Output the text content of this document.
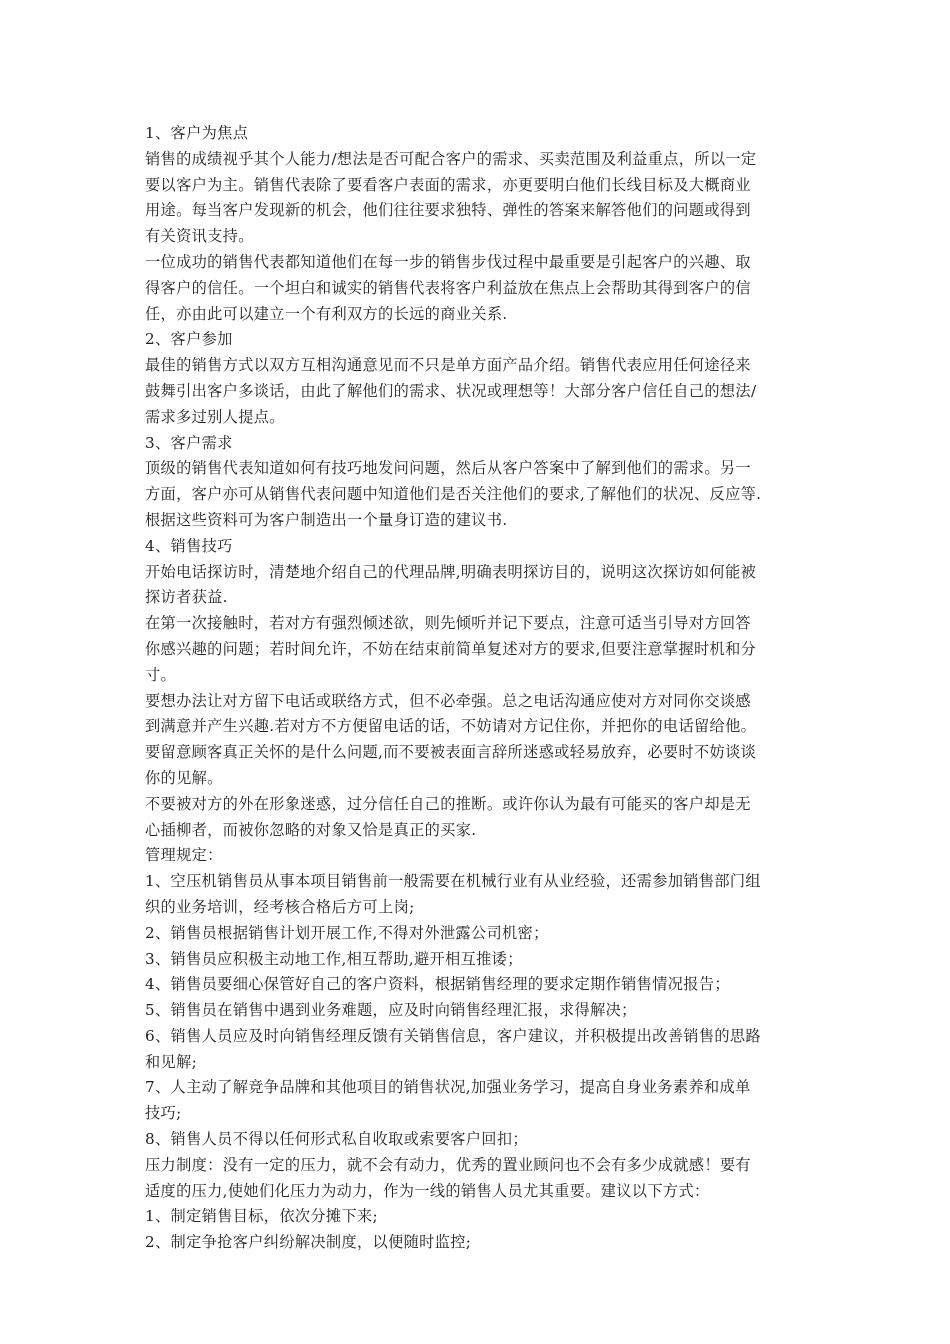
1、客户为焦点
销售的成绩视乎其个人能力/想法是否可配合客户的需求、买卖范围及利益重点，所以一定
要以客户为主。销售代表除了要看客户表面的需求，亦更要明白他们长线目标及大概商业
用途。每当客户发现新的机会，他们往往要求独特、弹性的答案来解答他们的问题或得到
有关资讯支持。
一位成功的销售代表都知道他们在每一步的销售步伐过程中最重要是引起客户的兴趣、取
得客户的信任。一个坦白和诚实的销售代表将客户利益放在焦点上会帮助其得到客户的信
任，亦由此可以建立一个有利双方的长远的商业关系.
2、客户参加
最佳的销售方式以双方互相沟通意见而不只是单方面产品介绍。销售代表应用任何途径来
鼓舞引出客户多谈话，由此了解他们的需求、状况或理想等！大部分客户信任自己的想法/
需求多过别人提点。
3、客户需求
顶级的销售代表知道如何有技巧地发问问题，然后从客户答案中了解到他们的需求。另一
方面，客户亦可从销售代表问题中知道他们是否关注他们的要求,了解他们的状况、反应等.
根据这些资料可为客户制造出一个量身订造的建议书.
4、销售技巧
开始电话探访时，清楚地介绍自己的代理品牌,明确表明探访目的，说明这次探访如何能被
探访者获益.
在第一次接触时，若对方有强烈倾述欲，则先倾听并记下要点，注意可适当引导对方回答
你感兴趣的问题；若时间允许，不妨在结束前简单复述对方的要求,但要注意掌握时机和分
寸。
要想办法让对方留下电话或联络方式，但不必牵强。总之电话沟通应使对方对同你交谈感
到满意并产生兴趣.若对方不方便留电话的话，不妨请对方记住你，并把你的电话留给他。
要留意顾客真正关怀的是什么问题,而不要被表面言辞所迷惑或轻易放弃，必要时不妨谈谈
你的见解。
不要被对方的外在形象迷惑，过分信任自己的推断。或许你认为最有可能买的客户却是无
心插柳者，而被你忽略的对象又恰是真正的买家.
管理规定：
1、空压机销售员从事本项目销售前一般需要在机械行业有从业经验，还需参加销售部门组
织的业务培训，经考核合格后方可上岗;
2、销售员根据销售计划开展工作,不得对外泄露公司机密；
3、销售员应积极主动地工作,相互帮助,避开相互推诿；
4、销售员要细心保管好自己的客户资料，根据销售经理的要求定期作销售情况报告；
5、销售员在销售中遇到业务难题，应及时向销售经理汇报，求得解决；
6、销售人员应及时向销售经理反馈有关销售信息，客户建议，并积极提出改善销售的思路
和见解;
7、人主动了解竞争品牌和其他项目的销售状况,加强业务学习，提高自身业务素养和成单
技巧;
8、销售人员不得以任何形式私自收取或索要客户回扣；
压力制度：没有一定的压力，就不会有动力，优秀的置业顾问也不会有多少成就感！要有
适度的压力,使她们化压力为动力，作为一线的销售人员尤其重要。建议以下方式：
1、制定销售目标，依次分摊下来;
2、制定争抢客户纠纷解决制度，以便随时监控;
